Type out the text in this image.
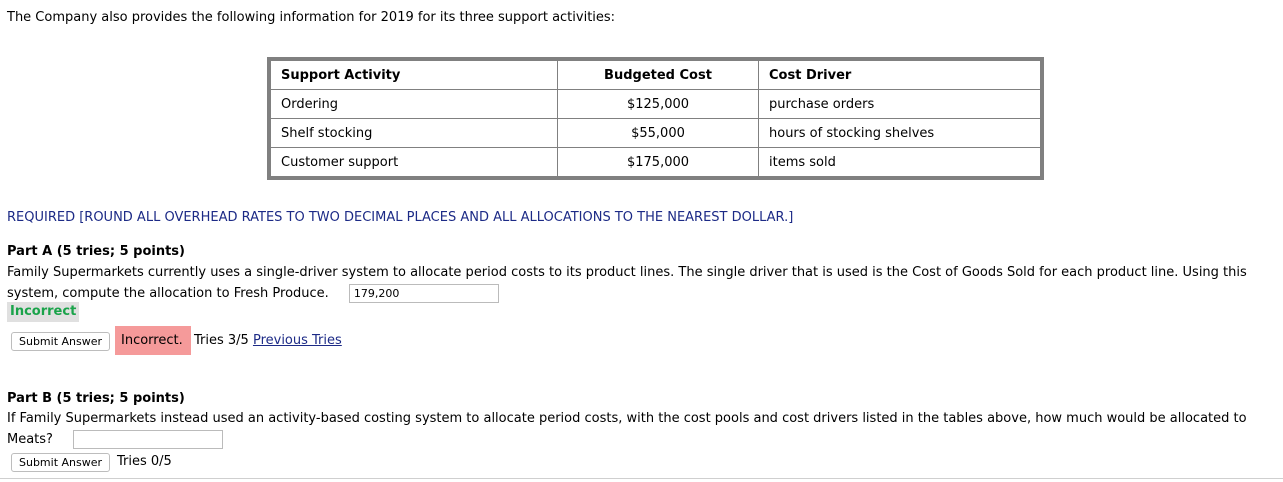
The Company also provides the following information for 2019 for its three support activities:
Support Activity	Budgeted Cost	Cost Driver
Ordering	$125,000	purchase orders
Shelf stocking	$55,000	hours of stocking shelves
Customer support	$175,000	items sold
REQUIRED [ROUND ALL OVERHEAD RATES TO TWO DECIMAL PLACES AND ALL ALLOCATIONS TO THE NEAREST DOLLAR.]
Part A (5 tries; 5 points)
Family Supermarkets currently uses a single-driver system to allocate period costs to its product lines. The single driver that is used is the Cost of Goods Sold for each product line. Using this system, compute the allocation to Fresh Produce.179,200
Incorrect
Submit Answer	Incorrect. Tries 3/5 Previous Tries
Part B (5 tries; 5 points)
If Family Supermarkets instead used an activity-based costing system to allocate period costs, with the cost pools and cost drivers listed in the tables above, how much would be allocated to Meats?
Submit Answer	Tries 0/5
